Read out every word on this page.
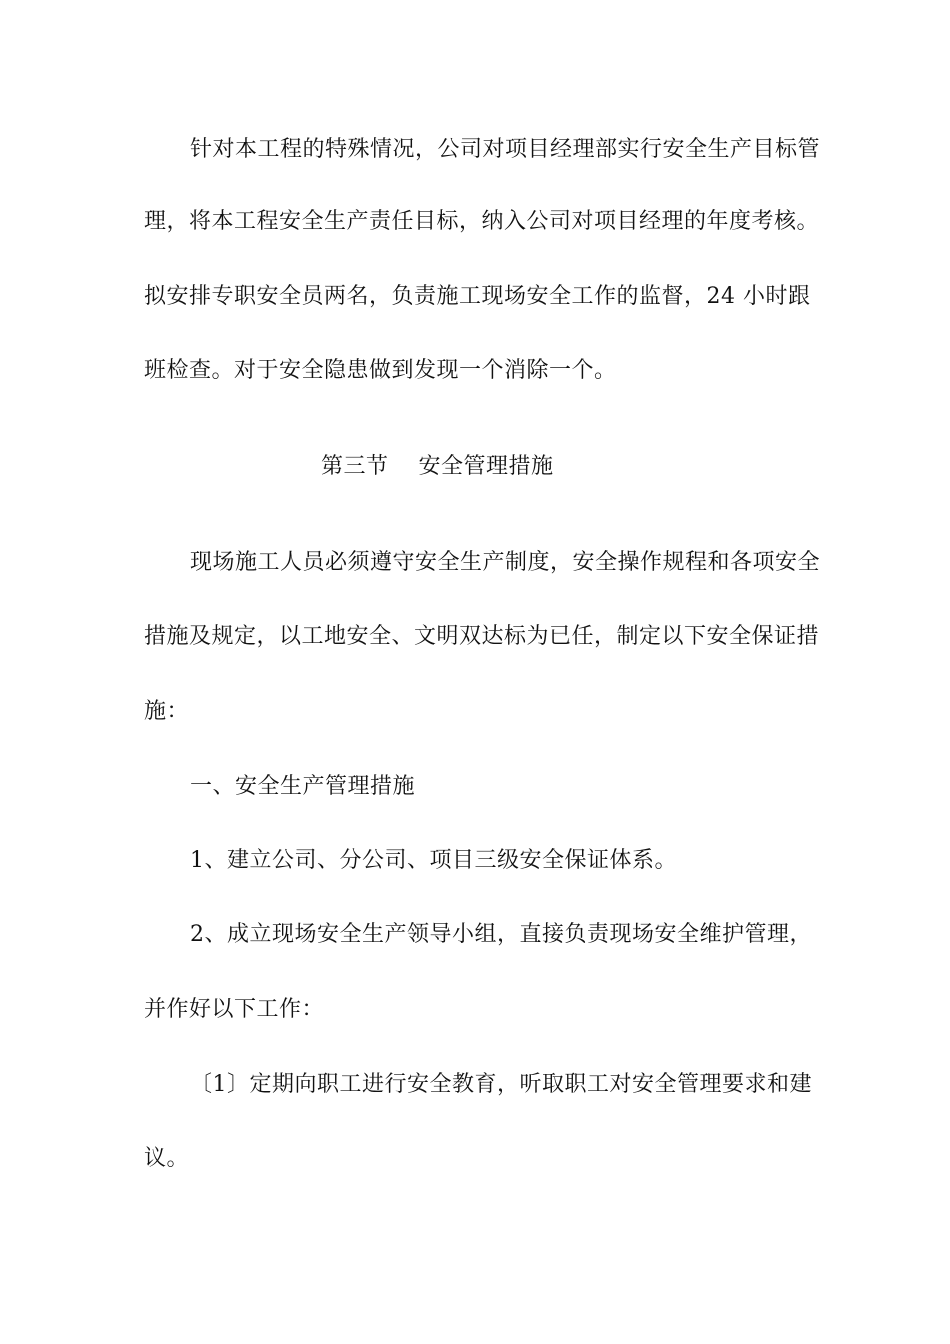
针对本工程的特殊情况，公司对项目经理部实行安全生产目标管
理，将本工程安全生产责任目标，纳入公司对项目经理的年度考核。
拟安排专职安全员两名，负责施工现场安全工作的监督，24 小时跟
班检查。对于安全隐患做到发现一个消除一个。
第三节 安全管理措施
现场施工人员必须遵守安全生产制度，安全操作规程和各项安全
措施及规定，以工地安全、文明双达标为已任，制定以下安全保证措
施：
一、安全生产管理措施
1、建立公司、分公司、项目三级安全保证体系。
2、成立现场安全生产领导小组，直接负责现场安全维护管理，
并作好以下工作：
〔1〕定期向职工进行安全教育，听取职工对安全管理要求和建
议。
